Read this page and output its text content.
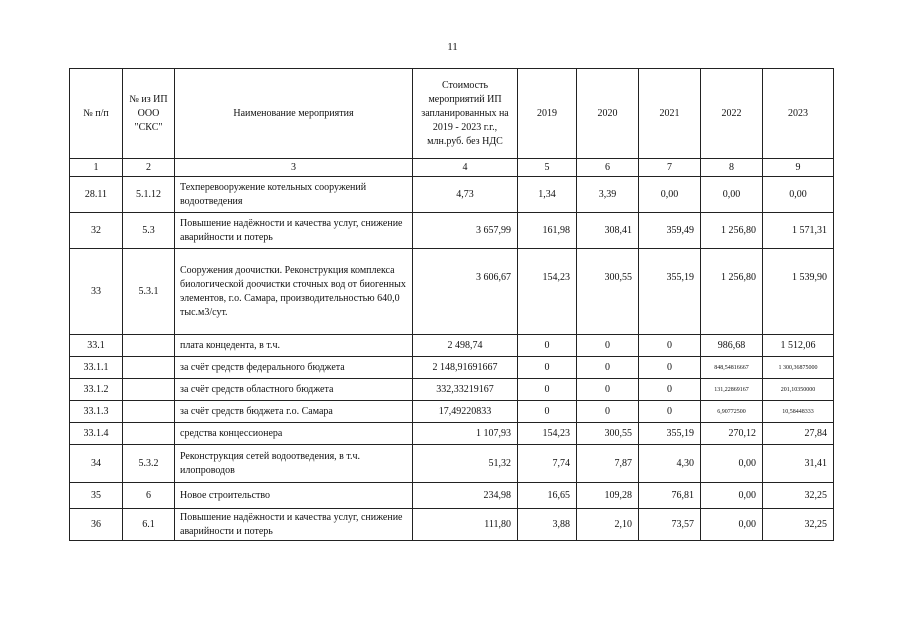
11
№ п/п	№ из ИП ООО "СКС"	Наименование мероприятия	Стоимость мероприятий ИП запланированных на 2019 - 2023 г.г., млн.руб. без НДС	2019	2020	2021	2022	2023
1	2	3	4	5	6	7	8	9
28.11	5.1.12	Техперевооружение котельных сооружений водоотведения	4,73	1,34	3,39	0,00	0,00	0,00
32	5.3	Повышение надёжности и качества услуг, снижение аварийности и потерь	3 657,99	161,98	308,41	359,49	1 256,80	1 571,31
33	5.3.1	Сооружения доочистки. Реконструкция комплекса биологической доочистки сточных вод от биогенных элементов, г.о. Самара, производительностью 640,0 тыс.м3/сут.	3 606,67	154,23	300,55	355,19	1 256,80	1 539,90
33.1		плата концедента, в т.ч.	2 498,74	0	0	0	986,68	1 512,06
33.1.1		за счёт средств федерального бюджета	2 148,91691667	0	0	0	848,54816667	1 300,36875000
33.1.2		за счёт средств областного бюджета	332,33219167	0	0	0	131,22869167	201,10350000
33.1.3		за счёт средств бюджета г.о. Самара	17,49220833	0	0	0	6,90772500	10,58448333
33.1.4		средства концессионера	1 107,93	154,23	300,55	355,19	270,12	27,84
34	5.3.2	Реконструкция сетей водоотведения, в т.ч. илопроводов	51,32	7,74	7,87	4,30	0,00	31,41
35	6	Новое строительство	234,98	16,65	109,28	76,81	0,00	32,25
36	6.1	Повышение надёжности и качества услуг, снижение аварийности и потерь	111,80	3,88	2,10	73,57	0,00	32,25
